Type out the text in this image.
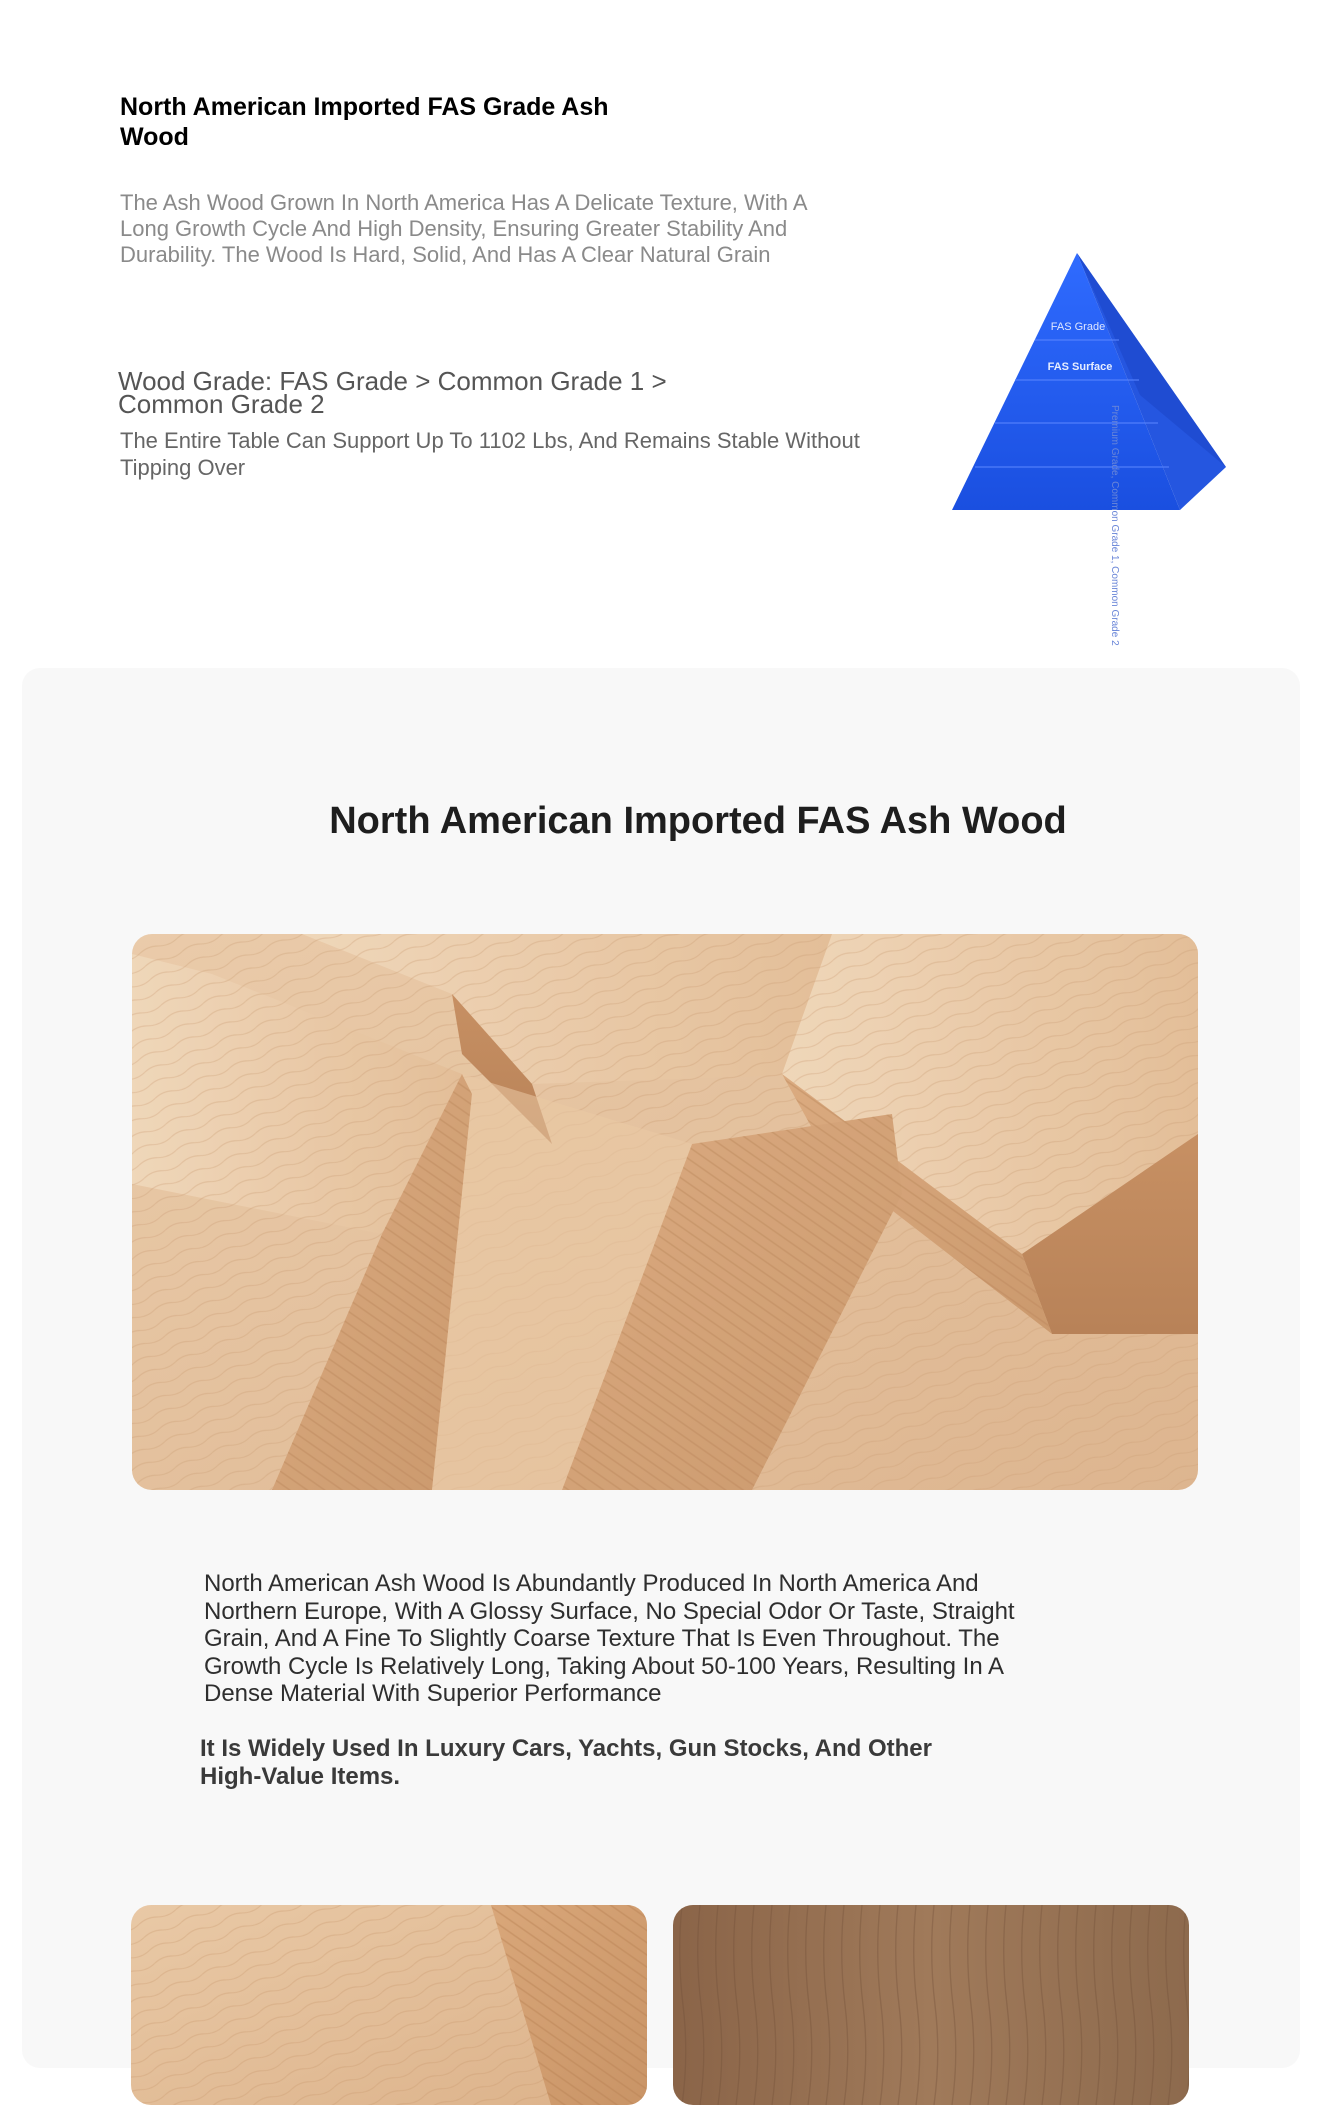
North American Imported FAS Grade Ash Wood
The Ash Wood Grown In North America Has A Delicate Texture, With A Long Growth Cycle And High Density, Ensuring Greater Stability And Durability. The Wood Is Hard, Solid, And Has A Clear Natural Grain
Wood Grade: FAS Grade > Common Grade 1 > Common Grade 2
The Entire Table Can Support Up To 1102 Lbs, And Remains Stable Without Tipping Over
FAS Grade
FAS Surface
Premium Grade, Common Grade 1, Common Grade 2
North American Imported FAS Ash Wood
North American Ash Wood Is Abundantly Produced In North America And Northern Europe, With A Glossy Surface, No Special Odor Or Taste, Straight Grain, And A Fine To Slightly Coarse Texture That Is Even Throughout. The Growth Cycle Is Relatively Long, Taking About 50-100 Years, Resulting In A Dense Material With Superior Performance
It Is Widely Used In Luxury Cars, Yachts, Gun Stocks, And Other High-Value Items.
